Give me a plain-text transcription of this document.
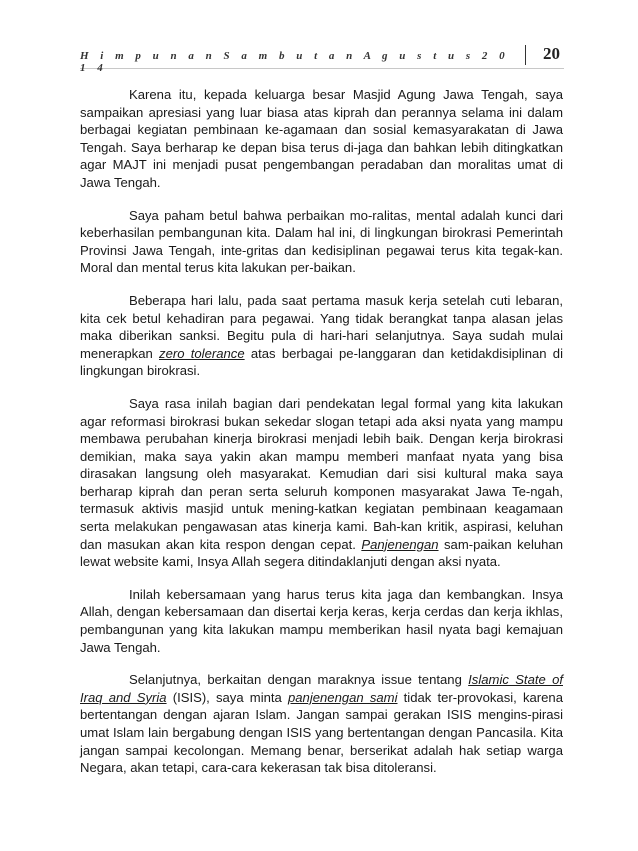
H i m p u n a n S a m b u t a n A g u s t u s 2 0 1 4
20

Karena itu, kepada keluarga besar Masjid Agung Jawa Tengah, saya sampaikan apresiasi yang luar biasa atas kiprah dan perannya selama ini dalam berbagai kegiatan pembinaan ke-agamaan dan sosial kemasyarakatan di Jawa Tengah. Saya berharap ke depan bisa terus di-jaga dan bahkan lebih ditingkatkan agar MAJT ini menjadi pusat pengembangan peradaban dan moralitas umat di Jawa Tengah.

Saya paham betul bahwa perbaikan mo-ralitas, mental adalah kunci dari keberhasilan pembangunan kita. Dalam hal ini, di lingkungan birokrasi Pemerintah Provinsi Jawa Tengah, inte-gritas dan kedisiplinan pegawai terus kita tegak-kan. Moral dan mental terus kita lakukan per-baikan.

Beberapa hari lalu, pada saat pertama masuk kerja setelah cuti lebaran, kita cek betul kehadiran para pegawai. Yang tidak berangkat tanpa alasan jelas maka diberikan sanksi. Begitu pula di hari-hari selanjutnya. Saya sudah mulai menerapkan zero tolerance atas berbagai pe-langgaran dan ketidakdisiplinan di lingkungan birokrasi.

Saya rasa inilah bagian dari pendekatan legal formal yang kita lakukan agar reformasi birokrasi bukan sekedar slogan tetapi ada aksi nyata yang mampu membawa perubahan kinerja birokrasi menjadi lebih baik. Dengan kerja birokrasi demikian, maka saya yakin akan mampu memberi manfaat nyata yang bisa dirasakan langsung oleh masyarakat. Kemudian dari sisi kultural maka saya berharap kiprah dan peran serta seluruh komponen masyarakat Jawa Te-ngah, termasuk aktivis masjid untuk mening-katkan kegiatan pembinaan keagamaan serta melakukan pengawasan atas kinerja kami. Bah-kan kritik, aspirasi, keluhan dan masukan akan kita respon dengan cepat. Panjenengan sam-paikan keluhan lewat website kami, Insya Allah segera ditindaklanjuti dengan aksi nyata.

Inilah kebersamaan yang harus terus kita jaga dan kembangkan. Insya Allah, dengan kebersamaan dan disertai kerja keras, kerja cerdas dan kerja ikhlas, pembangunan yang kita lakukan mampu memberikan hasil nyata bagi kemajuan Jawa Tengah.

Selanjutnya, berkaitan dengan maraknya issue tentang Islamic State of Iraq and Syria (ISIS), saya minta panjenengan sami tidak ter-provokasi, karena bertentangan dengan ajaran Islam. Jangan sampai gerakan ISIS mengins-pirasi umat Islam lain bergabung dengan ISIS yang bertentangan dengan Pancasila. Kita jangan sampai kecolongan. Memang benar, berserikat adalah hak setiap warga Negara, akan tetapi, cara-cara kekerasan tak bisa ditoleransi.
